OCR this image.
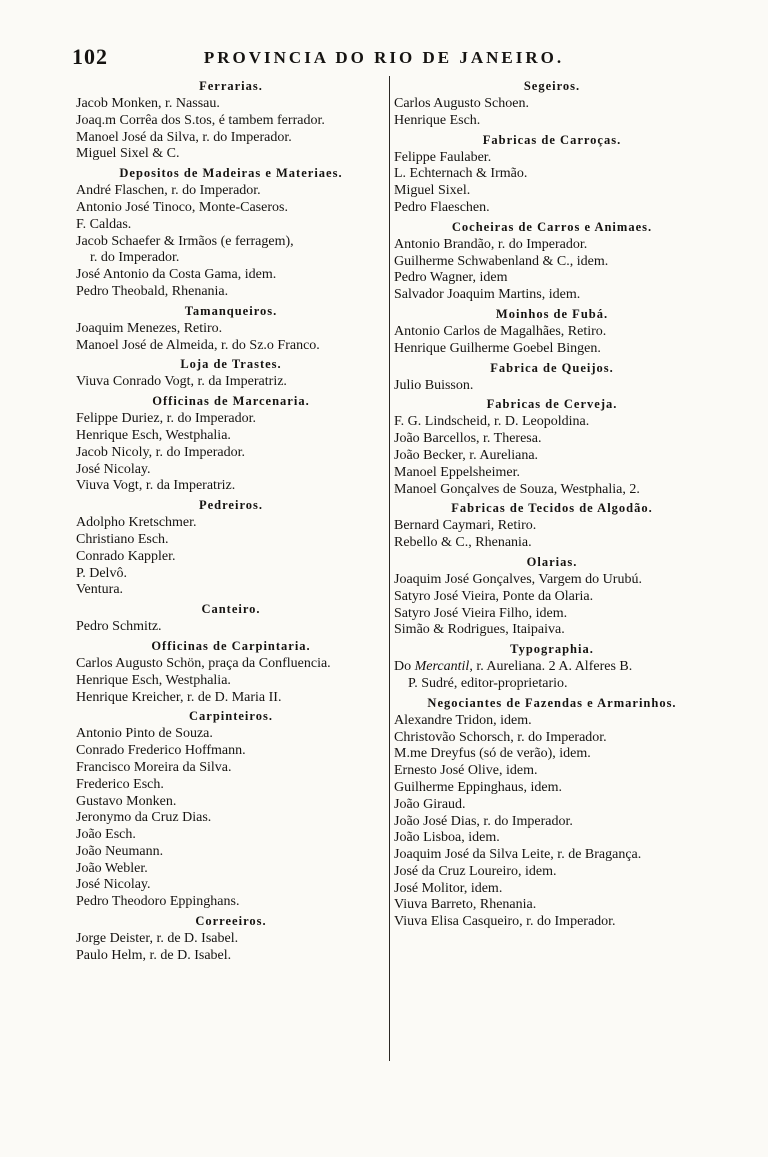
102	PROVINCIA DO RIO DE JANEIRO.
Ferrarias.
Jacob Monken, r. Nassau.
Joaq.m Corrêa dos S.tos, é tambem ferrador.
Manoel José da Silva, r. do Imperador.
Miguel Sixel & C.
Depositos de Madeiras e Materiaes.
André Flaschen, r. do Imperador.
Antonio José Tinoco, Monte-Caseros.
F. Caldas.
Jacob Schaefer & Irmãos (e ferragem),
r. do Imperador.
José Antonio da Costa Gama, idem.
Pedro Theobald, Rhenania.
Tamanqueiros.
Joaquim Menezes, Retiro.
Manoel José de Almeida, r. do Sz.o Franco.
Loja de Trastes.
Viuva Conrado Vogt, r. da Imperatriz.
Officinas de Marcenaria.
Felippe Duriez, r. do Imperador.
Henrique Esch, Westphalia.
Jacob Nicoly, r. do Imperador.
José Nicolay.
Viuva Vogt, r. da Imperatriz.
Pedreiros.
Adolpho Kretschmer.
Christiano Esch.
Conrado Kappler.
P. Delvô.
Ventura.
Canteiro.
Pedro Schmitz.
Officinas de Carpintaria.
Carlos Augusto Schön, praça da Confluencia.
Henrique Esch, Westphalia.
Henrique Kreicher, r. de D. Maria II.
Carpinteiros.
Antonio Pinto de Souza.
Conrado Frederico Hoffmann.
Francisco Moreira da Silva.
Frederico Esch.
Gustavo Monken.
Jeronymo da Cruz Dias.
João Esch.
João Neumann.
João Webler.
José Nicolay.
Pedro Theodoro Eppinghans.
Correeiros.
Jorge Deister, r. de D. Isabel.
Paulo Helm, r. de D. Isabel.
Segeiros.
Carlos Augusto Schoen.
Henrique Esch.
Fabricas de Carroças.
Felippe Faulaber.
L. Echternach & Irmão.
Miguel Sixel.
Pedro Flaeschen.
Cocheiras de Carros e Animaes.
Antonio Brandão, r. do Imperador.
Guilherme Schwabenland & C., idem.
Pedro Wagner, idem
Salvador Joaquim Martins, idem.
Moinhos de Fubá.
Antonio Carlos de Magalhães, Retiro.
Henrique Guilherme Goebel Bingen.
Fabrica de Queijos.
Julio Buisson.
Fabricas de Cerveja.
F. G. Lindscheid, r. D. Leopoldina.
João Barcellos, r. Theresa.
João Becker, r. Aureliana.
Manoel Eppelsheimer.
Manoel Gonçalves de Souza, Westphalia, 2.
Fabricas de Tecidos de Algodão.
Bernard Caymari, Retiro.
Rebello & C., Rhenania.
Olarias.
Joaquim José Gonçalves, Vargem do Urubú.
Satyro José Vieira, Ponte da Olaria.
Satyro José Vieira Filho, idem.
Simão & Rodrigues, Itaipaiva.
Typographia.
Do Mercantil, r. Aureliana. 2 A. Alferes B.
P. Sudré, editor-proprietario.
Negociantes de Fazendas e Armarinhos.
Alexandre Tridon, idem.
Christovão Schorsch, r. do Imperador.
M.me Dreyfus (só de verão), idem.
Ernesto José Olive, idem.
Guilherme Eppinghaus, idem.
João Giraud.
João José Dias, r. do Imperador.
João Lisboa, idem.
Joaquim José da Silva Leite, r. de Bragança.
José da Cruz Loureiro, idem.
José Molitor, idem.
Viuva Barreto, Rhenania.
Viuva Elisa Casqueiro, r. do Imperador.
